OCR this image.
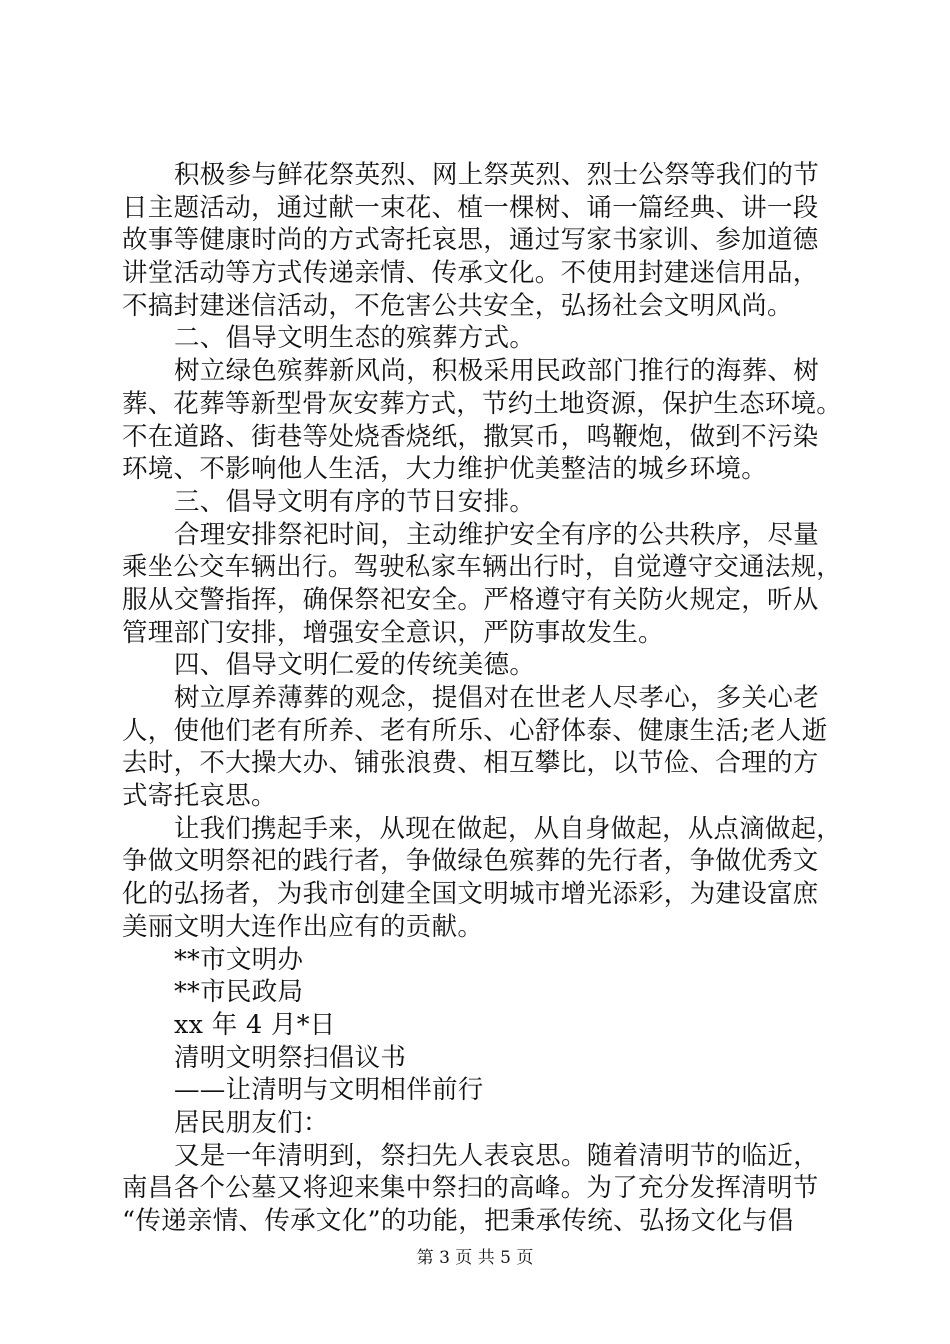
积极参与鲜花祭英烈、网上祭英烈、烈士公祭等我们的节
日主题活动，通过献一束花、植一棵树、诵一篇经典、讲一段
故事等健康时尚的方式寄托哀思，通过写家书家训、参加道德
讲堂活动等方式传递亲情、传承文化。不使用封建迷信用品，
不搞封建迷信活动，不危害公共安全，弘扬社会文明风尚。
二、倡导文明生态的殡葬方式。
树立绿色殡葬新风尚，积极采用民政部门推行的海葬、树
葬、花葬等新型骨灰安葬方式，节约土地资源，保护生态环境。
不在道路、街巷等处烧香烧纸，撒冥币，鸣鞭炮，做到不污染
环境、不影响他人生活，大力维护优美整洁的城乡环境。
三、倡导文明有序的节日安排。
合理安排祭祀时间，主动维护安全有序的公共秩序，尽量
乘坐公交车辆出行。驾驶私家车辆出行时，自觉遵守交通法规，
服从交警指挥，确保祭祀安全。严格遵守有关防火规定，听从
管理部门安排，增强安全意识，严防事故发生。
四、倡导文明仁爱的传统美德。
树立厚养薄葬的观念，提倡对在世老人尽孝心，多关心老
人，使他们老有所养、老有所乐、心舒体泰、健康生活;老人逝
去时，不大操大办、铺张浪费、相互攀比，以节俭、合理的方
式寄托哀思。
让我们携起手来，从现在做起，从自身做起，从点滴做起，
争做文明祭祀的践行者，争做绿色殡葬的先行者，争做优秀文
化的弘扬者，为我市创建全国文明城市增光添彩，为建设富庶
美丽文明大连作出应有的贡献。
**市文明办
**市民政局
xx 年 4 月*日
清明文明祭扫倡议书
——让清明与文明相伴前行
居民朋友们：
又是一年清明到，祭扫先人表哀思。随着清明节的临近，
南昌各个公墓又将迎来集中祭扫的高峰。为了充分发挥清明节
“传递亲情、传承文化”的功能，把秉承传统、弘扬文化与倡
第 3 页 共 5 页
